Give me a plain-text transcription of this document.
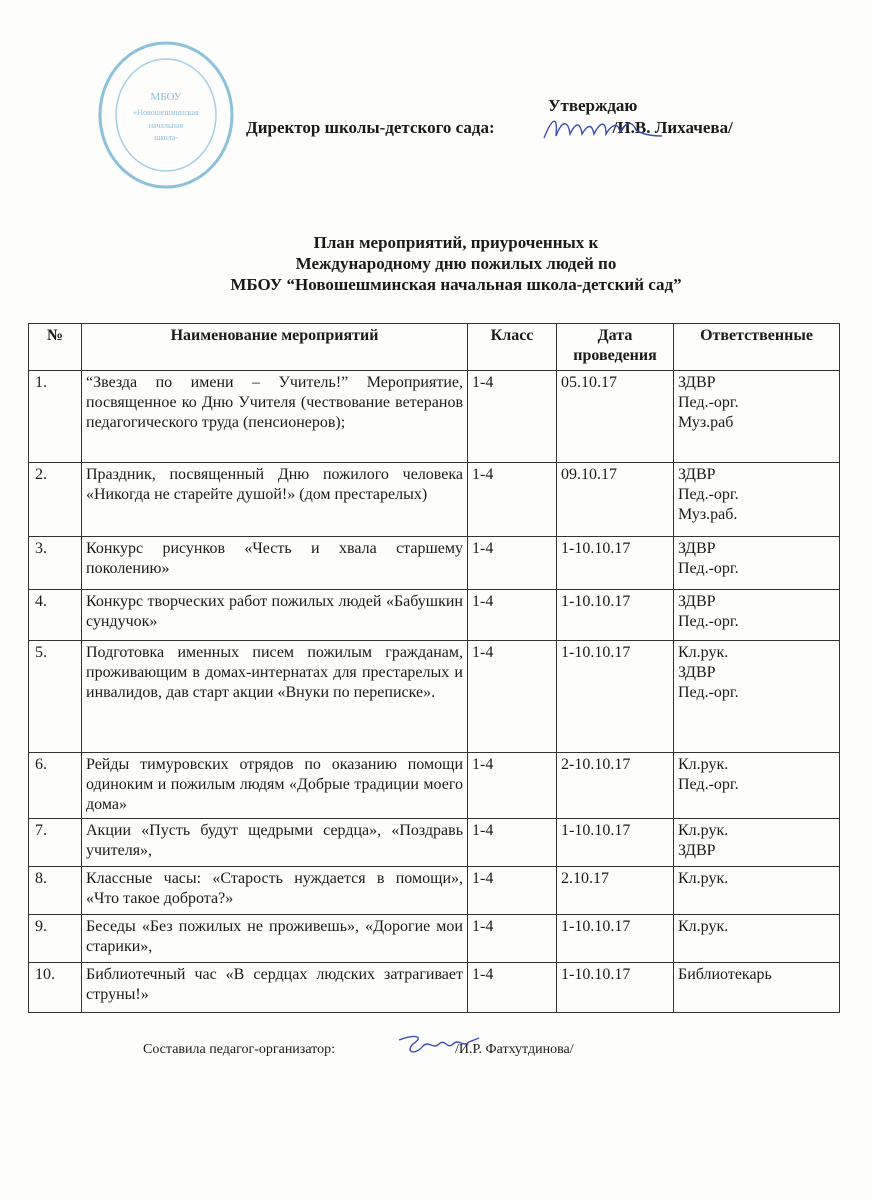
МБОУ
«Новошешминская
начальная
школа-
Утверждаю
Директор школы-детского сада:	/И.В. Лихачева/
План мероприятий, приуроченных к
Международному дню пожилых людей по
МБОУ “Новошешминская начальная школа-детский сад”
№	Наименование мероприятий	Класс	Дата проведения	Ответственные
1.	“Звезда по имени – Учитель!” Мероприятие, посвященное ко Дню Учителя (чествование ветеранов педагогического труда (пенсионеров);	1-4	05.10.17	ЗДВР
Пед.-орг.
Муз.раб

2.	Праздник, посвященный Дню пожилого человека «Никогда не старейте душой!» (дом престарелых)	1-4	09.10.17	ЗДВР
Пед.-орг.
Муз.раб.

3.	Конкурс рисунков «Честь и хвала старшему поколению»	1-4	1-10.10.17	ЗДВР
Пед.-орг.

4.	Конкурс творческих работ пожилых людей «Бабушкин сундучок»	1-4	1-10.10.17	ЗДВР
Пед.-орг.

5.	Подготовка именных писем пожилым гражданам, проживающим в домах-интернатах для престарелых и инвалидов, дав старт акции «Внуки по переписке».	1-4	1-10.10.17	Кл.рук.
ЗДВР
Пед.-орг.

6.	Рейды тимуровских отрядов по оказанию помощи одиноким и пожилым людям «Добрые традиции моего дома»	1-4	2-10.10.17	Кл.рук.
Пед.-орг.

7.	Акции «Пусть будут щедрыми сердца», «Поздравь учителя»,	1-4	1-10.10.17	Кл.рук.
ЗДВР

8.	Классные часы: «Старость нуждается в помощи», «Что такое доброта?»	1-4	2.10.17	Кл.рук.

9.	Беседы «Без пожилых не проживешь», «Дорогие мои старики»,	1-4	1-10.10.17	Кл.рук.

10.	Библиотечный час «В сердцах людских затрагивает струны!»	1-4	1-10.10.17	Библиотекарь
Составила педагог-организатор:	/И.Р. Фатхутдинова/
